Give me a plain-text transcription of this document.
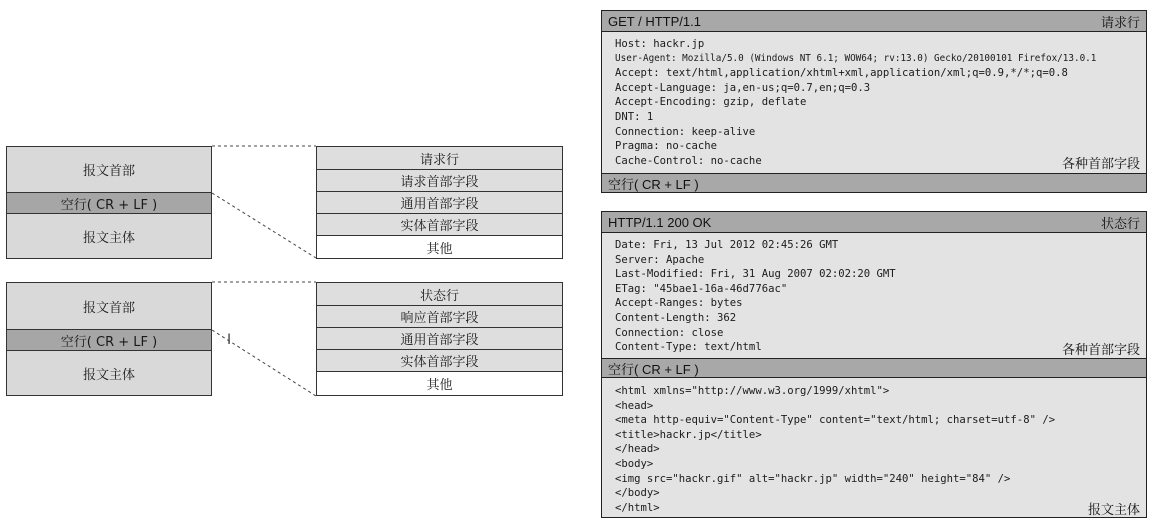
报文首部
空行( CR + LF )
报文主体
请求行
请求首部字段
通用首部字段
实体首部字段
其他
报文首部
空行( CR + LF )
报文主体
状态行
响应首部字段
通用首部字段
实体首部字段
其他
I
GET / HTTP/1.1	请求行
Host: hackr.jp
User-Agent: Mozilla/5.0 (Windows NT 6.1; WOW64; rv:13.0) Gecko/20100101 Firefox/13.0.1
Accept: text/html,application/xhtml+xml,application/xml;q=0.9,*/*;q=0.8
Accept-Language: ja,en-us;q=0.7,en;q=0.3
Accept-Encoding: gzip, deflate
DNT: 1
Connection: keep-alive
Pragma: no-cache
Cache-Control: no-cache	各种首部字段
空行( CR + LF )
HTTP/1.1 200 OK	状态行
Date: Fri, 13 Jul 2012 02:45:26 GMT
Server: Apache
Last-Modified: Fri, 31 Aug 2007 02:02:20 GMT
ETag: "45bae1-16a-46d776ac"
Accept-Ranges: bytes
Content-Length: 362
Connection: close
Content-Type: text/html	各种首部字段
空行( CR + LF )
<html xmlns="http://www.w3.org/1999/xhtml">
<head>
<meta http-equiv="Content-Type" content="text/html; charset=utf-8" />
<title>hackr.jp</title>
</head>
<body>
<img src="hackr.gif" alt="hackr.jp" width="240" height="84" />
</body>
</html>	报文主体
